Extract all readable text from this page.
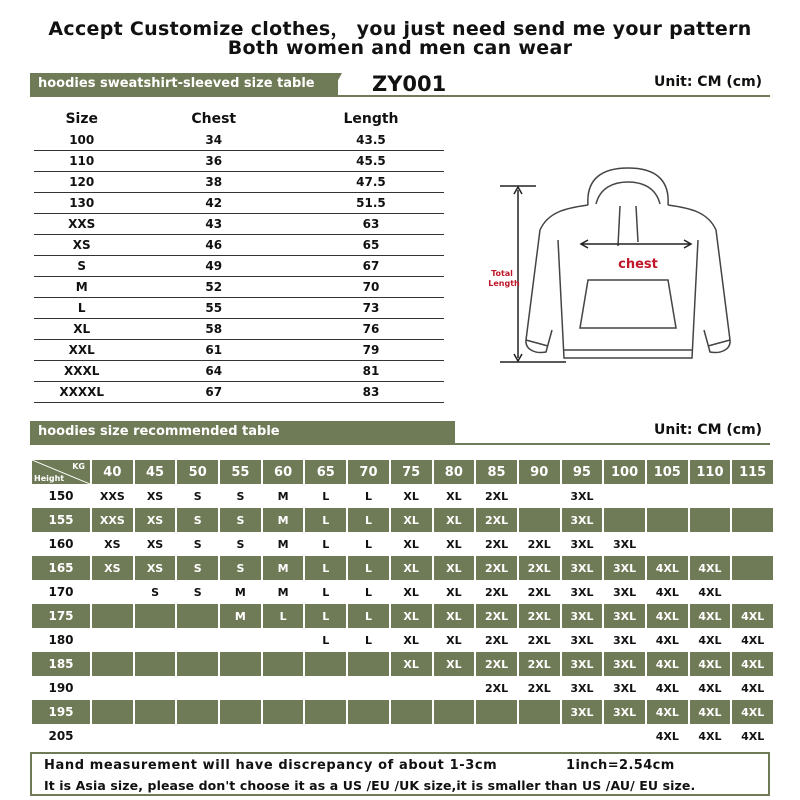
Accept Customize clothes， you just need send me your pattern
Both women and men can wear
hoodies sweatshirt-sleeved size table	ZY001	Unit: CM (cm)
Size	Chest	Length
100	34	43.5
110	36	45.5
120	38	47.5
130	42	51.5
XXS	43	63
XS	46	65
S	49	67
M	52	70
L	55	73
XL	58	76
XXL	61	79
XXXL	64	81
XXXXL	67	83
chest
Total
Length
hoodies size recommended table	Unit: CM (cm)
KG
Height	40	45	50	55	60	65	70	75	80	85	90	95	100	105	110	115
150	XXS	XS	S	S	M	L	L	XL	XL	2XL		3XL				
155	XXS	XS	S	S	M	L	L	XL	XL	2XL		3XL				
160	XS	XS	S	S	M	L	L	XL	XL	2XL	2XL	3XL	3XL			
165	XS	XS	S	S	M	L	L	XL	XL	2XL	2XL	3XL	3XL	4XL	4XL	
170		S	S	M	M	L	L	XL	XL	2XL	2XL	3XL	3XL	4XL	4XL	
175				M	L	L	L	XL	XL	2XL	2XL	3XL	3XL	4XL	4XL	4XL
180						L	L	XL	XL	2XL	2XL	3XL	3XL	4XL	4XL	4XL
185								XL	XL	2XL	2XL	3XL	3XL	4XL	4XL	4XL
190										2XL	2XL	3XL	3XL	4XL	4XL	4XL
195												3XL	3XL	4XL	4XL	4XL
205														4XL	4XL	4XL
Hand measurement will have discrepancy of about 1-3cm	1inch=2.54cm
It is Asia size, please don't choose it as a US /EU /UK size,it is smaller than US /AU/ EU size.
